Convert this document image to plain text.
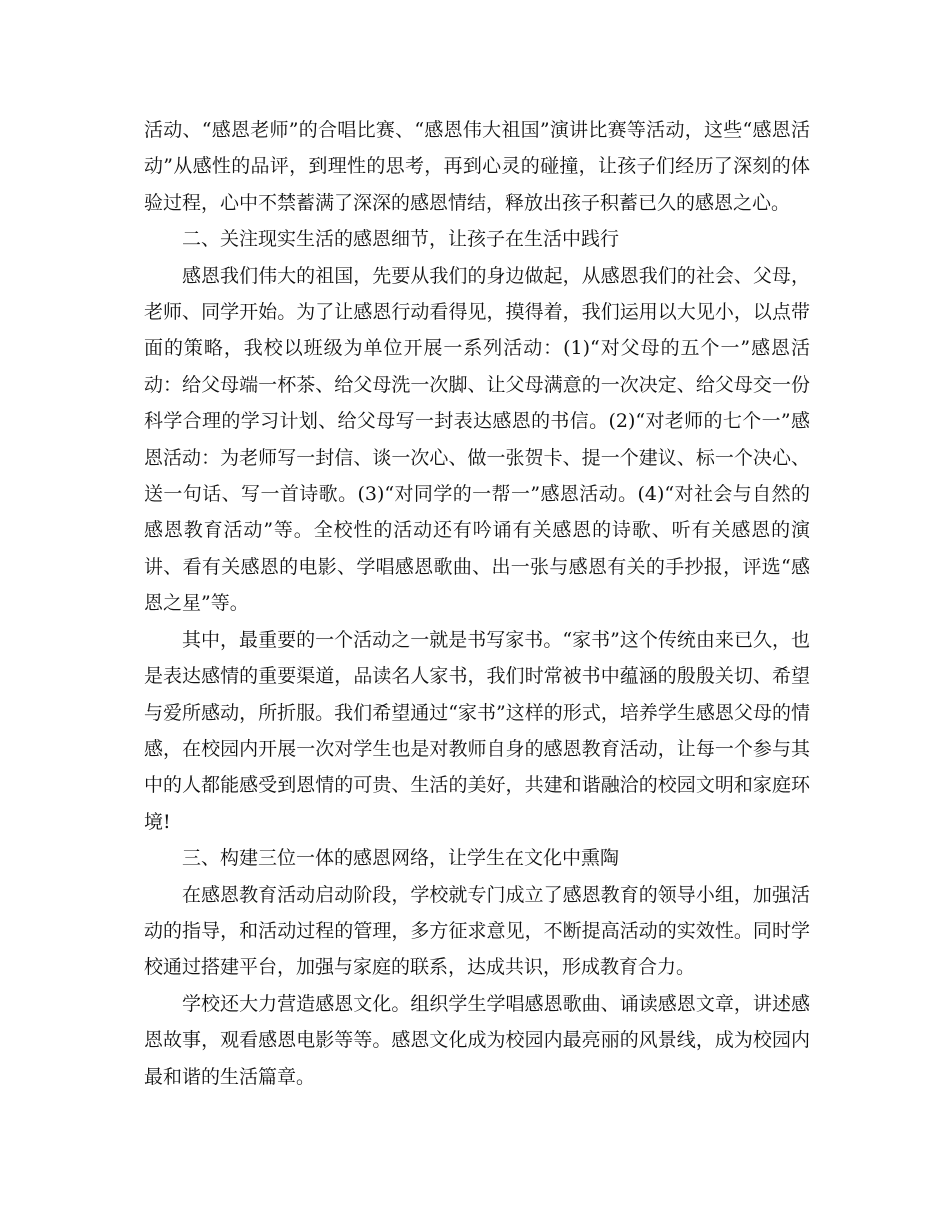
活动、“感恩老师”的合唱比赛、“感恩伟大祖国”演讲比赛等活动，这些“感恩活动”从感性的品评，到理性的思考，再到心灵的碰撞，让孩子们经历了深刻的体验过程，心中不禁蓄满了深深的感恩情结，释放出孩子积蓄已久的感恩之心。

二、关注现实生活的感恩细节，让孩子在生活中践行

感恩我们伟大的祖国，先要从我们的身边做起，从感恩我们的社会、父母，老师、同学开始。为了让感恩行动看得见，摸得着，我们运用以大见小，以点带面的策略，我校以班级为单位开展一系列活动：(1)“对父母的五个一”感恩活动：给父母端一杯茶、给父母洗一次脚、让父母满意的一次决定、给父母交一份科学合理的学习计划、给父母写一封表达感恩的书信。(2)“对老师的七个一”感恩活动：为老师写一封信、谈一次心、做一张贺卡、提一个建议、标一个决心、送一句话、写一首诗歌。(3)“对同学的一帮一”感恩活动。(4)“对社会与自然的感恩教育活动”等。全校性的活动还有吟诵有关感恩的诗歌、听有关感恩的演讲、看有关感恩的电影、学唱感恩歌曲、出一张与感恩有关的手抄报，评选“感恩之星”等。

其中，最重要的一个活动之一就是书写家书。“家书”这个传统由来已久，也是表达感情的重要渠道，品读名人家书，我们时常被书中蕴涵的殷殷关切、希望与爱所感动，所折服。我们希望通过“家书”这样的形式，培养学生感恩父母的情感，在校园内开展一次对学生也是对教师自身的感恩教育活动，让每一个参与其中的人都能感受到恩情的可贵、生活的美好，共建和谐融洽的校园文明和家庭环境!

三、构建三位一体的感恩网络，让学生在文化中熏陶

在感恩教育活动启动阶段，学校就专门成立了感恩教育的领导小组，加强活动的指导，和活动过程的管理，多方征求意见，不断提高活动的实效性。同时学校通过搭建平台，加强与家庭的联系，达成共识，形成教育合力。

学校还大力营造感恩文化。组织学生学唱感恩歌曲、诵读感恩文章，讲述感恩故事，观看感恩电影等等。感恩文化成为校园内最亮丽的风景线，成为校园内最和谐的生活篇章。
